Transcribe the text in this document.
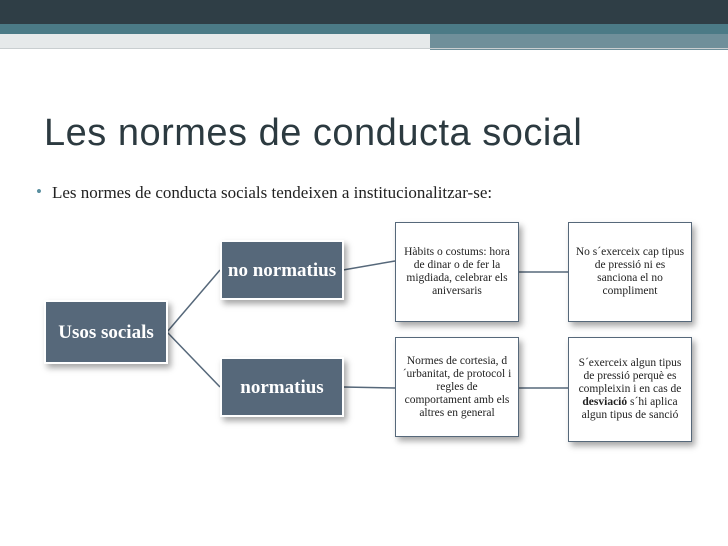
Les normes de conducta social
• Les normes de conducta socials tendeixen a institucionalitzar-se:
Usos socials
no normatius
normatius
Hàbits o costums: hora de dinar o de fer la migdiada, celebrar els aniversaris
No s´exerceix cap tipus de pressió ni es sanciona el no compliment
Normes de cortesia, d´urbanitat, de protocol i regles de comportament amb els altres en general
S´exerceix algun tipus de pressió perquè es compleixin i en cas de desviació s´hi aplica algun tipus de sanció
